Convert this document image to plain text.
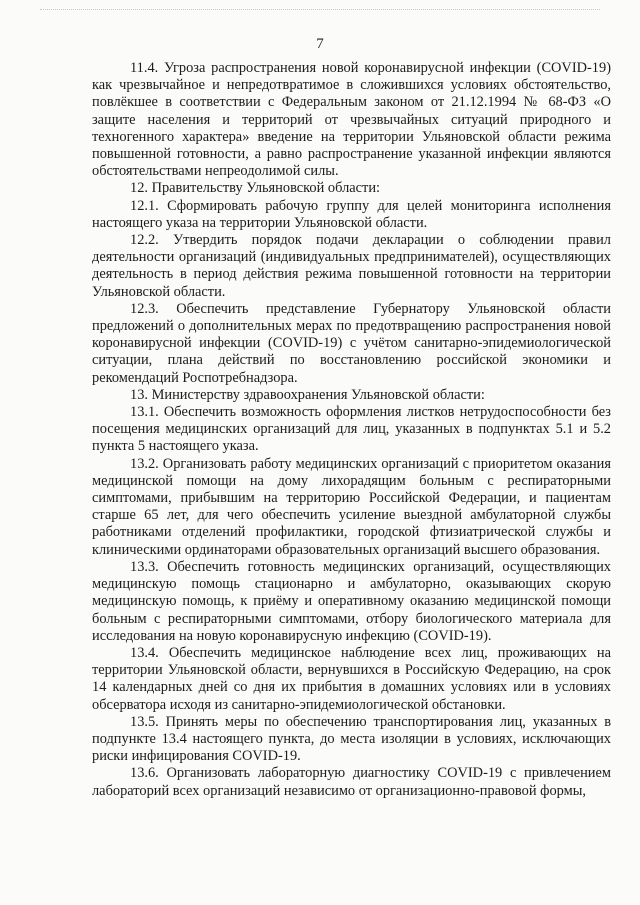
7

11.4. Угроза распространения новой коронавирусной инфекции (COVID-19) как чрезвычайное и непредотвратимое в сложившихся условиях обстоятельство, повлёкшее в соответствии с Федеральным законом от 21.12.1994 № 68-ФЗ «О защите населения и территорий от чрезвычайных ситуаций природного и техногенного характера» введение на территории Ульяновской области режима повышенной готовности, а равно распространение указанной инфекции являются обстоятельствами непреодолимой силы.

12. Правительству Ульяновской области:

12.1. Сформировать рабочую группу для целей мониторинга исполнения настоящего указа на территории Ульяновской области.

12.2. Утвердить порядок подачи декларации о соблюдении правил деятельности организаций (индивидуальных предпринимателей), осуществляющих деятельность в период действия режима повышенной готовности на территории Ульяновской области.

12.3. Обеспечить представление Губернатору Ульяновской области предложений о дополнительных мерах по предотвращению распространения новой коронавирусной инфекции (COVID-19) с учётом санитарно-эпидемиологической ситуации, плана действий по восстановлению российской экономики и рекомендаций Роспотребнадзора.

13. Министерству здравоохранения Ульяновской области:

13.1. Обеспечить возможность оформления листков нетрудоспособности без посещения медицинских организаций для лиц, указанных в подпунктах 5.1 и 5.2 пункта 5 настоящего указа.

13.2. Организовать работу медицинских организаций с приоритетом оказания медицинской помощи на дому лихорадящим больным с респираторными симптомами, прибывшим на территорию Российской Федерации, и пациентам старше 65 лет, для чего обеспечить усиление выездной амбулаторной службы работниками отделений профилактики, городской фтизиатрической службы и клиническими ординаторами образовательных организаций высшего образования.

13.3. Обеспечить готовность медицинских организаций, осуществляющих медицинскую помощь стационарно и амбулаторно, оказывающих скорую медицинскую помощь, к приёму и оперативному оказанию медицинской помощи больным с респираторными симптомами, отбору биологического материала для исследования на новую коронавирусную инфекцию (COVID-19).

13.4. Обеспечить медицинское наблюдение всех лиц, проживающих на территории Ульяновской области, вернувшихся в Российскую Федерацию, на срок 14 календарных дней со дня их прибытия в домашних условиях или в условиях обсерватора исходя из санитарно-эпидемиологической обстановки.

13.5. Принять меры по обеспечению транспортирования лиц, указанных в подпункте 13.4 настоящего пункта, до места изоляции в условиях, исключающих риски инфицирования COVID-19.

13.6. Организовать лабораторную диагностику COVID-19 с привлечением лабораторий всех организаций независимо от организационно-правовой формы,
